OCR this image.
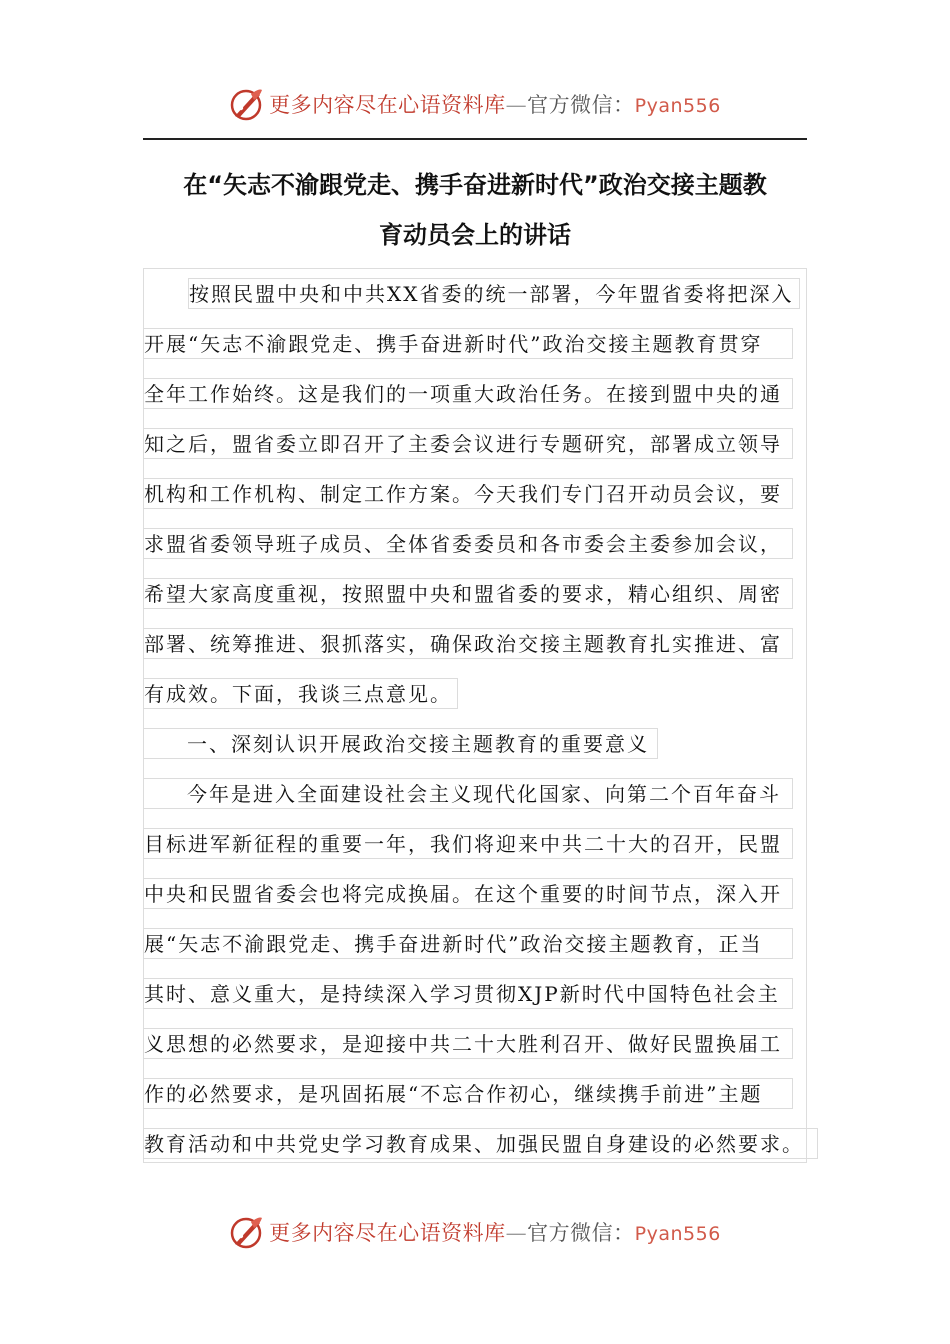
更多内容尽在心语资料库—官方微信：Pyan556
在“矢志不渝跟党走、携手奋进新时代”政治交接主题教
育动员会上的讲话
按照民盟中央和中共XX省委的统一部署，今年盟省委将把深入
开展“矢志不渝跟党走、携手奋进新时代”政治交接主题教育贯穿
全年工作始终。这是我们的一项重大政治任务。在接到盟中央的通
知之后，盟省委立即召开了主委会议进行专题研究，部署成立领导
机构和工作机构、制定工作方案。今天我们专门召开动员会议，要
求盟省委领导班子成员、全体省委委员和各市委会主委参加会议，
希望大家高度重视，按照盟中央和盟省委的要求，精心组织、周密
部署、统筹推进、狠抓落实，确保政治交接主题教育扎实推进、富
有成效。下面，我谈三点意见。
一、深刻认识开展政治交接主题教育的重要意义
今年是进入全面建设社会主义现代化国家、向第二个百年奋斗
目标进军新征程的重要一年，我们将迎来中共二十大的召开，民盟
中央和民盟省委会也将完成换届。在这个重要的时间节点，深入开
展“矢志不渝跟党走、携手奋进新时代”政治交接主题教育，正当
其时、意义重大，是持续深入学习贯彻XJP新时代中国特色社会主
义思想的必然要求，是迎接中共二十大胜利召开、做好民盟换届工
作的必然要求，是巩固拓展“不忘合作初心，继续携手前进”主题
教育活动和中共党史学习教育成果、加强民盟自身建设的必然要求。
更多内容尽在心语资料库—官方微信：Pyan556
